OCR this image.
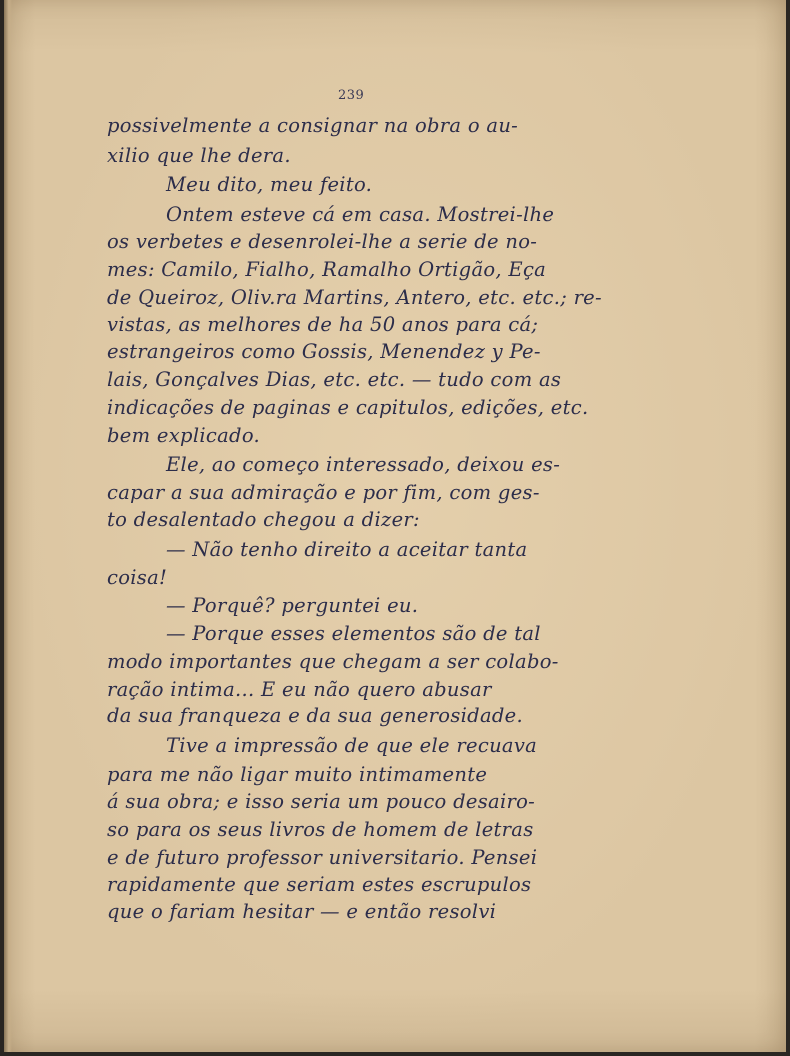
239
possivelmente a consignar na obra o au-
xilio que lhe dera.
Meu dito, meu feito.
Ontem esteve cá em casa. Mostrei-lhe
os verbetes e desenrolei-lhe a serie de no-
mes: Camilo, Fialho, Ramalho Ortigão, Eça
de Queiroz, Oliv.ra Martins, Antero, etc. etc.; re-
vistas, as melhores de ha 50 anos para cá;
estrangeiros como Gossis, Menendez y Pe-
lais, Gonçalves Dias, etc. etc. — tudo com as
indicações de paginas e capitulos, edições, etc.
bem explicado.
Ele, ao começo interessado, deixou es-
capar a sua admiração e por fim, com ges-
to desalentado chegou a dizer:
— Não tenho direito a aceitar tanta
coisa!
— Porquê? perguntei eu.
— Porque esses elementos são de tal
modo importantes que chegam a ser colabo-
ração intima... E eu não quero abusar
da sua franqueza e da sua generosidade.
Tive a impressão de que ele recuava
para me não ligar muito intimamente
á sua obra; e isso seria um pouco desairo-
so para os seus livros de homem de letras
e de futuro professor universitario. Pensei
rapidamente que seriam estes escrupulos
que o fariam hesitar — e então resolvi
